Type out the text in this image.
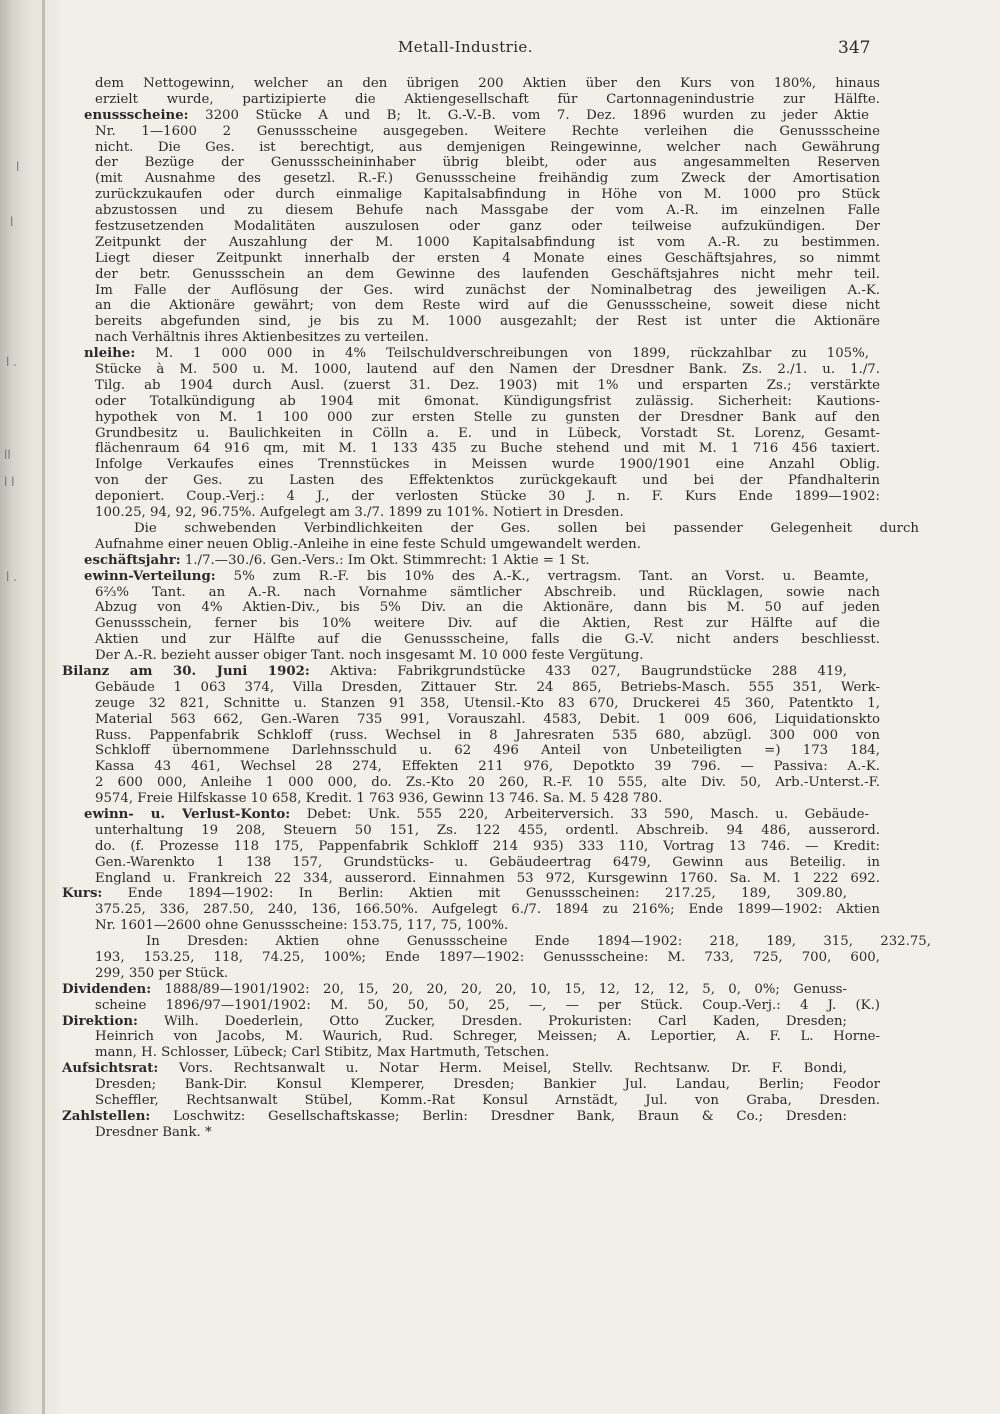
l
l
l .
ll
l l
l .
Metall-Industrie.	347
dem Nettogewinn, welcher an den übrigen 200 Aktien über den Kurs von 180%, hinaus
erzielt wurde, partizipierte die Aktiengesellschaft für Cartonnagenindustrie zur Hälfte.
enussscheine: 3200 Stücke A und B; lt. G.-V.-B. vom 7. Dez. 1896 wurden zu jeder Aktie
Nr. 1—1600 2 Genussscheine ausgegeben. Weitere Rechte verleihen die Genussscheine
nicht. Die Ges. ist berechtigt, aus demjenigen Reingewinne, welcher nach Gewährung
der Bezüge der Genussscheininhaber übrig bleibt, oder aus angesammelten Reserven
(mit Ausnahme des gesetzl. R.-F.) Genussscheine freihändig zum Zweck der Amortisation
zurückzukaufen oder durch einmalige Kapitalsabfindung in Höhe von M. 1000 pro Stück
abzustossen und zu diesem Behufe nach Massgabe der vom A.-R. im einzelnen Falle
festzusetzenden Modalitäten auszulosen oder ganz oder teilweise aufzukündigen. Der
Zeitpunkt der Auszahlung der M. 1000 Kapitalsabfindung ist vom A.-R. zu bestimmen.
Liegt dieser Zeitpunkt innerhalb der ersten 4 Monate eines Geschäftsjahres, so nimmt
der betr. Genussschein an dem Gewinne des laufenden Geschäftsjahres nicht mehr teil.
Im Falle der Auflösung der Ges. wird zunächst der Nominalbetrag des jeweiligen A.-K.
an die Aktionäre gewährt; von dem Reste wird auf die Genussscheine, soweit diese nicht
bereits abgefunden sind, je bis zu M. 1000 ausgezahlt; der Rest ist unter die Aktionäre
nach Verhältnis ihres Aktienbesitzes zu verteilen.
nleihe: M. 1 000 000 in 4% Teilschuldverschreibungen von 1899, rückzahlbar zu 105%,
Stücke à M. 500 u. M. 1000, lautend auf den Namen der Dresdner Bank. Zs. 2./1. u. 1./7.
Tilg. ab 1904 durch Ausl. (zuerst 31. Dez. 1903) mit 1% und ersparten Zs.; verstärkte
oder Totalkündigung ab 1904 mit 6monat. Kündigungsfrist zulässig. Sicherheit: Kautions-
hypothek von M. 1 100 000 zur ersten Stelle zu gunsten der Dresdner Bank auf den
Grundbesitz u. Baulichkeiten in Cölln a. E. und in Lübeck, Vorstadt St. Lorenz, Gesamt-
flächenraum 64 916 qm, mit M. 1 133 435 zu Buche stehend und mit M. 1 716 456 taxiert.
Infolge Verkaufes eines Trennstückes in Meissen wurde 1900/1901 eine Anzahl Oblig.
von der Ges. zu Lasten des Effektenktos zurückgekauft und bei der Pfandhalterin
deponiert. Coup.-Verj.: 4 J., der verlosten Stücke 30 J. n. F. Kurs Ende 1899—1902:
100.25, 94, 92, 96.75%. Aufgelegt am 3./7. 1899 zu 101%. Notiert in Dresden.
Die schwebenden Verbindlichkeiten der Ges. sollen bei passender Gelegenheit durch
Aufnahme einer neuen Oblig.-Anleihe in eine feste Schuld umgewandelt werden.
eschäftsjahr: 1./7.—30./6. Gen.-Vers.: Im Okt. Stimmrecht: 1 Aktie = 1 St.
ewinn-Verteilung: 5% zum R.-F. bis 10% des A.-K., vertragsm. Tant. an Vorst. u. Beamte,
6⅔% Tant. an A.-R. nach Vornahme sämtlicher Abschreib. und Rücklagen, sowie nach
Abzug von 4% Aktien-Div., bis 5% Div. an die Aktionäre, dann bis M. 50 auf jeden
Genussschein, ferner bis 10% weitere Div. auf die Aktien, Rest zur Hälfte auf die
Aktien und zur Hälfte auf die Genussscheine, falls die G.-V. nicht anders beschliesst.
Der A.-R. bezieht ausser obiger Tant. noch insgesamt M. 10 000 feste Vergütung.
Bilanz am 30. Juni 1902: Aktiva: Fabrikgrundstücke 433 027, Baugrundstücke 288 419,
Gebäude 1 063 374, Villa Dresden, Zittauer Str. 24 865, Betriebs-Masch. 555 351, Werk-
zeuge 32 821, Schnitte u. Stanzen 91 358, Utensil.-Kto 83 670, Druckerei 45 360, Patentkto 1,
Material 563 662, Gen.-Waren 735 991, Vorauszahl. 4583, Debit. 1 009 606, Liquidationskto
Russ. Pappenfabrik Schkloff (russ. Wechsel in 8 Jahresraten 535 680, abzügl. 300 000 von
Schkloff übernommene Darlehnsschuld u. 62 496 Anteil von Unbeteiligten =) 173 184,
Kassa 43 461, Wechsel 28 274, Effekten 211 976, Depotkto 39 796. — Passiva: A.-K.
2 600 000, Anleihe 1 000 000, do. Zs.-Kto 20 260, R.-F. 10 555, alte Div. 50, Arb.-Unterst.-F.
9574, Freie Hilfskasse 10 658, Kredit. 1 763 936, Gewinn 13 746. Sa. M. 5 428 780.
ewinn- u. Verlust-Konto: Debet: Unk. 555 220, Arbeiterversich. 33 590, Masch. u. Gebäude-
unterhaltung 19 208, Steuern 50 151, Zs. 122 455, ordentl. Abschreib. 94 486, ausserord.
do. (f. Prozesse 118 175, Pappenfabrik Schkloff 214 935) 333 110, Vortrag 13 746. — Kredit:
Gen.-Warenkto 1 138 157, Grundstücks- u. Gebäudeertrag 6479, Gewinn aus Beteilig. in
England u. Frankreich 22 334, ausserord. Einnahmen 53 972, Kursgewinn 1760. Sa. M. 1 222 692.
Kurs: Ende 1894—1902: In Berlin: Aktien mit Genussscheinen: 217.25, 189, 309.80,
375.25, 336, 287.50, 240, 136, 166.50%. Aufgelegt 6./7. 1894 zu 216%; Ende 1899—1902: Aktien
Nr. 1601—2600 ohne Genussscheine: 153.75, 117, 75, 100%.
In Dresden: Aktien ohne Genussscheine Ende 1894—1902: 218, 189, 315, 232.75,
193, 153.25, 118, 74.25, 100%; Ende 1897—1902: Genussscheine: M. 733, 725, 700, 600,
299, 350 per Stück.
Dividenden: 1888/89—1901/1902: 20, 15, 20, 20, 20, 20, 10, 15, 12, 12, 12, 5, 0, 0%; Genuss-
scheine 1896/97—1901/1902: M. 50, 50, 50, 25, —, — per Stück. Coup.-Verj.: 4 J. (K.)
Direktion: Wilh. Doederlein, Otto Zucker, Dresden. Prokuristen: Carl Kaden, Dresden;
Heinrich von Jacobs, M. Waurich, Rud. Schreger, Meissen; A. Leportier, A. F. L. Horne-
mann, H. Schlosser, Lübeck; Carl Stibitz, Max Hartmuth, Tetschen.
Aufsichtsrat: Vors. Rechtsanwalt u. Notar Herm. Meisel, Stellv. Rechtsanw. Dr. F. Bondi,
Dresden; Bank-Dir. Konsul Klemperer, Dresden; Bankier Jul. Landau, Berlin; Feodor
Scheffler, Rechtsanwalt Stübel, Komm.-Rat Konsul Arnstädt, Jul. von Graba, Dresden.
Zahlstellen: Loschwitz: Gesellschaftskasse; Berlin: Dresdner Bank, Braun & Co.; Dresden:
Dresdner Bank. *
